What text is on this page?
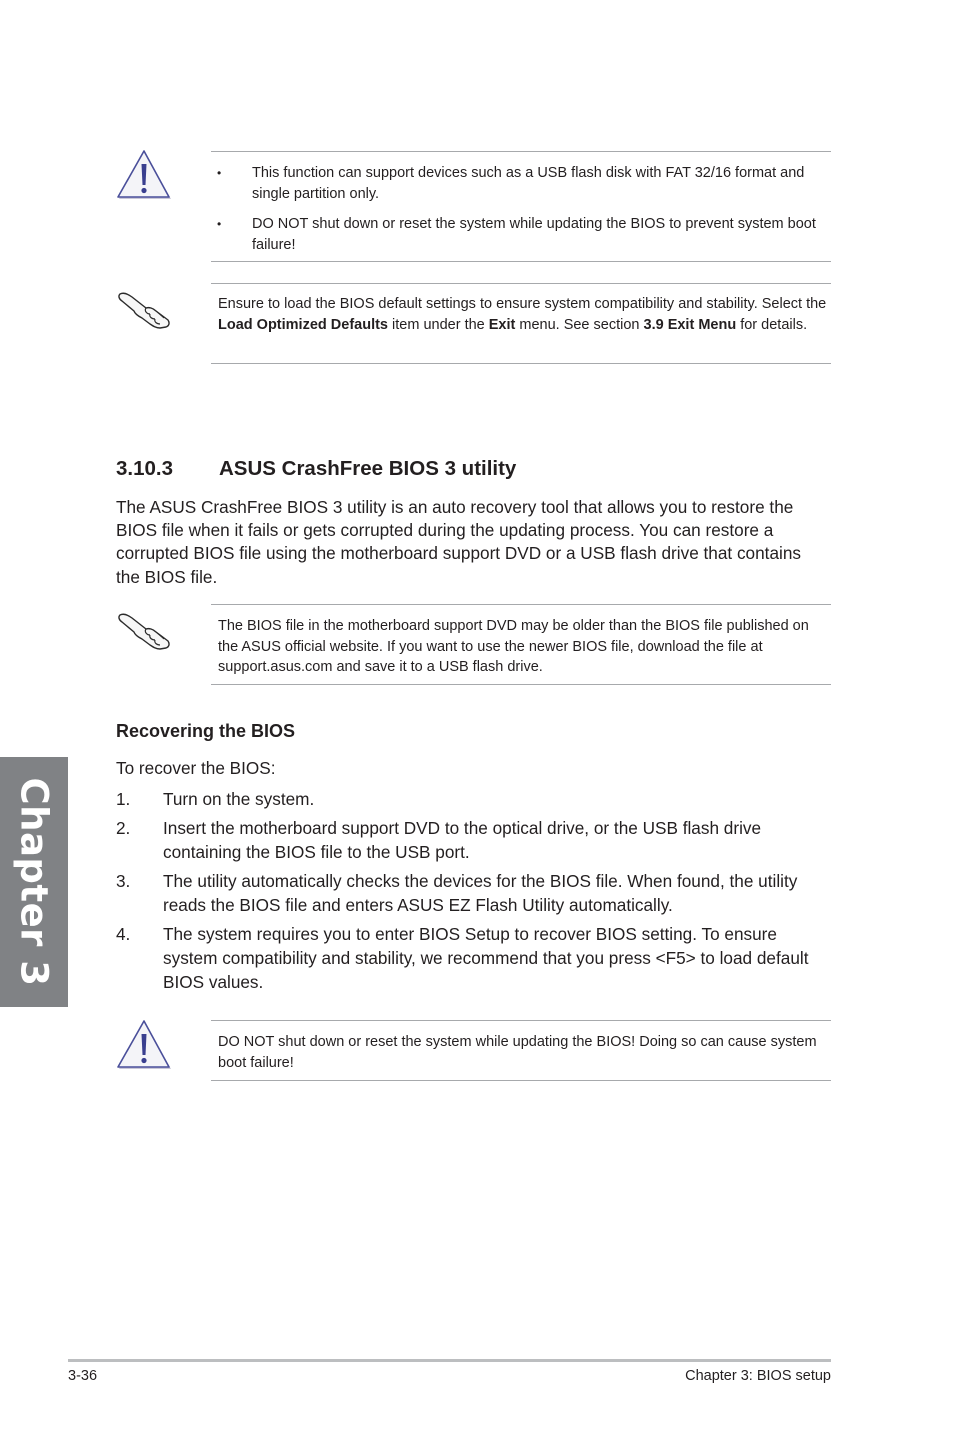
• This function can support devices such as a USB flash disk with FAT 32/16 format and single partition only.
• DO NOT shut down or reset the system while updating the BIOS to prevent system boot failure!
Ensure to load the BIOS default settings to ensure system compatibility and stability. Select the Load Optimized Defaults item under the Exit menu. See section 3.9 Exit Menu for details.
3.10.3 ASUS CrashFree BIOS 3 utility
The ASUS CrashFree BIOS 3 utility is an auto recovery tool that allows you to restore the BIOS file when it fails or gets corrupted during the updating process. You can restore a corrupted BIOS file using the motherboard support DVD or a USB flash drive that contains the BIOS file.
The BIOS file in the motherboard support DVD may be older than the BIOS file published on the ASUS official website. If you want to use the newer BIOS file, download the file at support.asus.com and save it to a USB flash drive.
Recovering the BIOS
To recover the BIOS:
1. Turn on the system.
2. Insert the motherboard support DVD to the optical drive, or the USB flash drive containing the BIOS file to the USB port.
3. The utility automatically checks the devices for the BIOS file. When found, the utility reads the BIOS file and enters ASUS EZ Flash Utility automatically.
4. The system requires you to enter BIOS Setup to recover BIOS setting. To ensure system compatibility and stability, we recommend that you press <F5> to load default BIOS values.
DO NOT shut down or reset the system while updating the BIOS! Doing so can cause system boot failure!
Chapter 3
3-36	Chapter 3: BIOS setup
